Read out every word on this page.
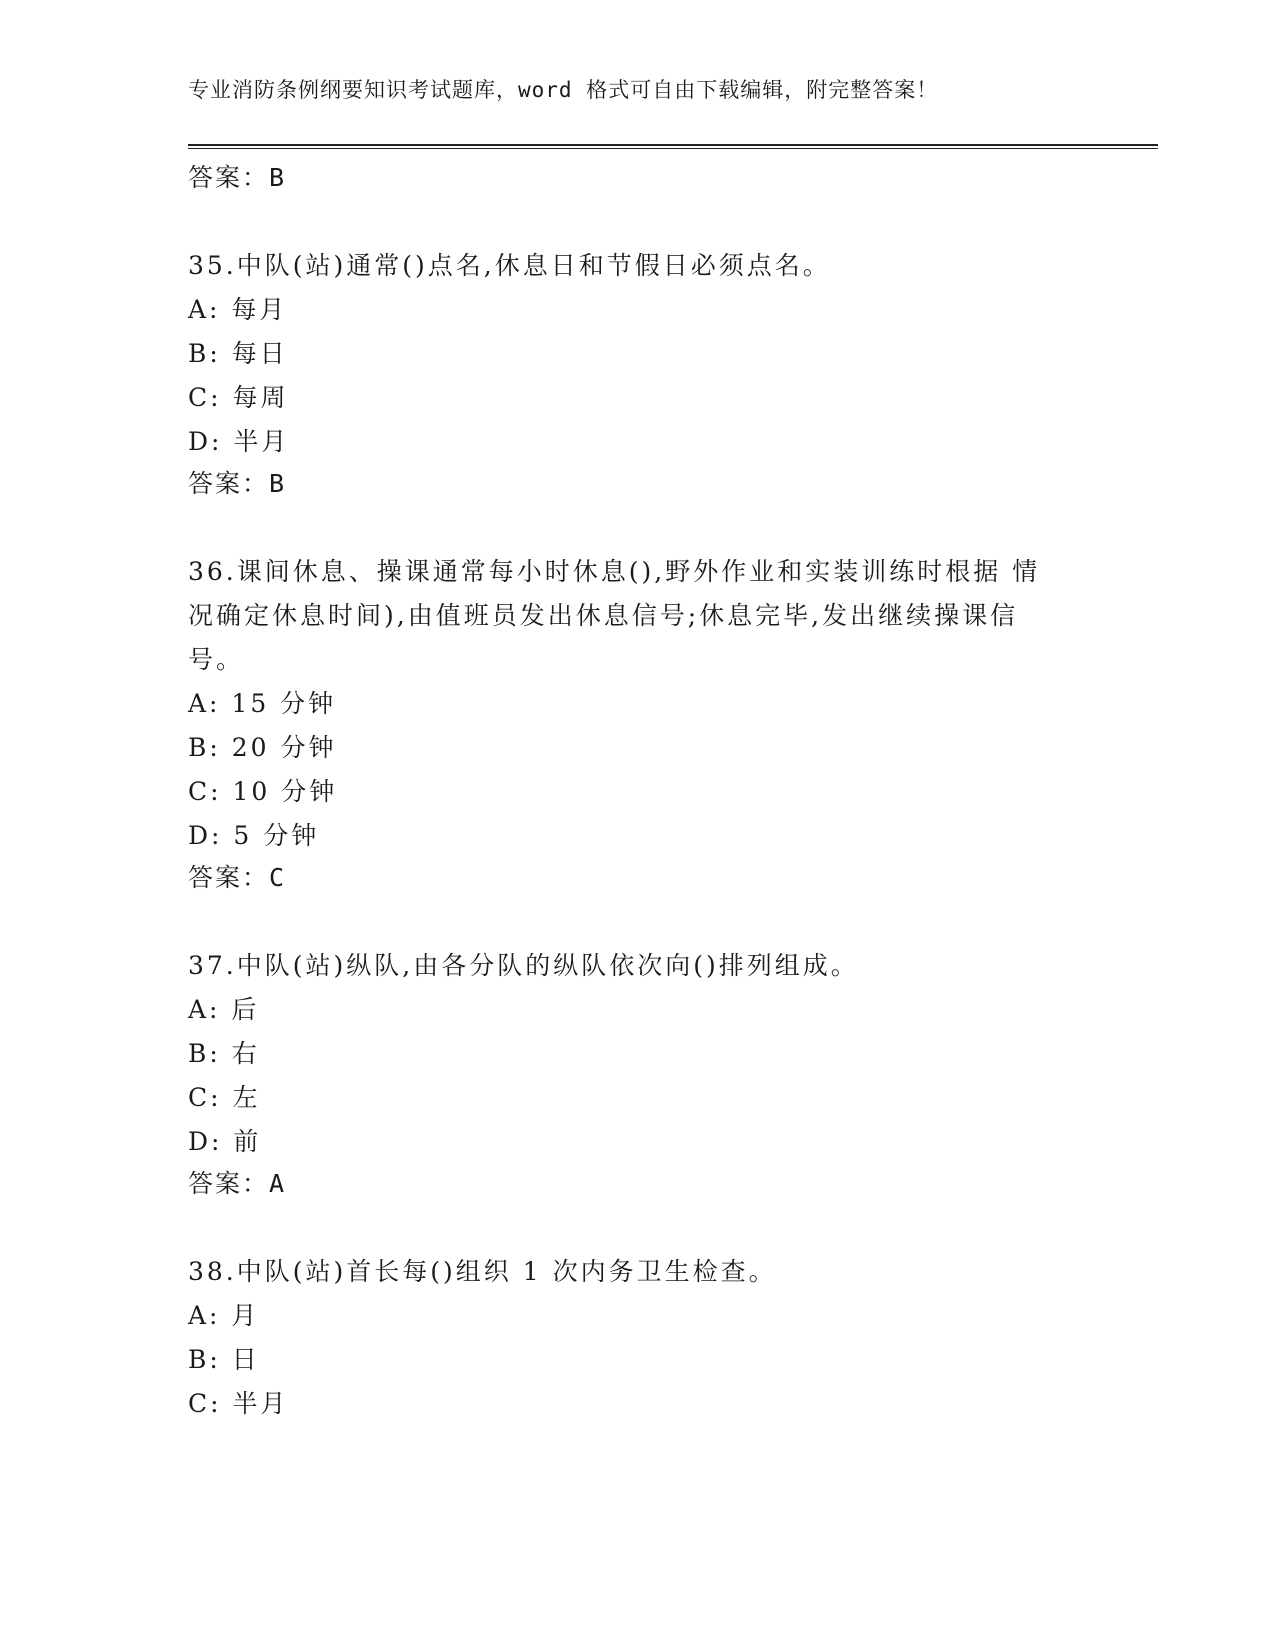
专业消防条例纲要知识考试题库，word 格式可自由下载编辑，附完整答案！
答案：B
35.中队(站)通常()点名,休息日和节假日必须点名。
A: 每月
B: 每日
C: 每周
D: 半月
答案：B
36.课间休息、操课通常每小时休息(),野外作业和实装训练时根据 情
况确定休息时间),由值班员发出休息信号;休息完毕,发出继续操课信
号。
A: 15 分钟
B: 20 分钟
C: 10 分钟
D: 5 分钟
答案：C
37.中队(站)纵队,由各分队的纵队依次向()排列组成。
A: 后
B: 右
C: 左
D: 前
答案：A
38.中队(站)首长每()组织 1 次内务卫生检查。
A: 月
B: 日
C: 半月
